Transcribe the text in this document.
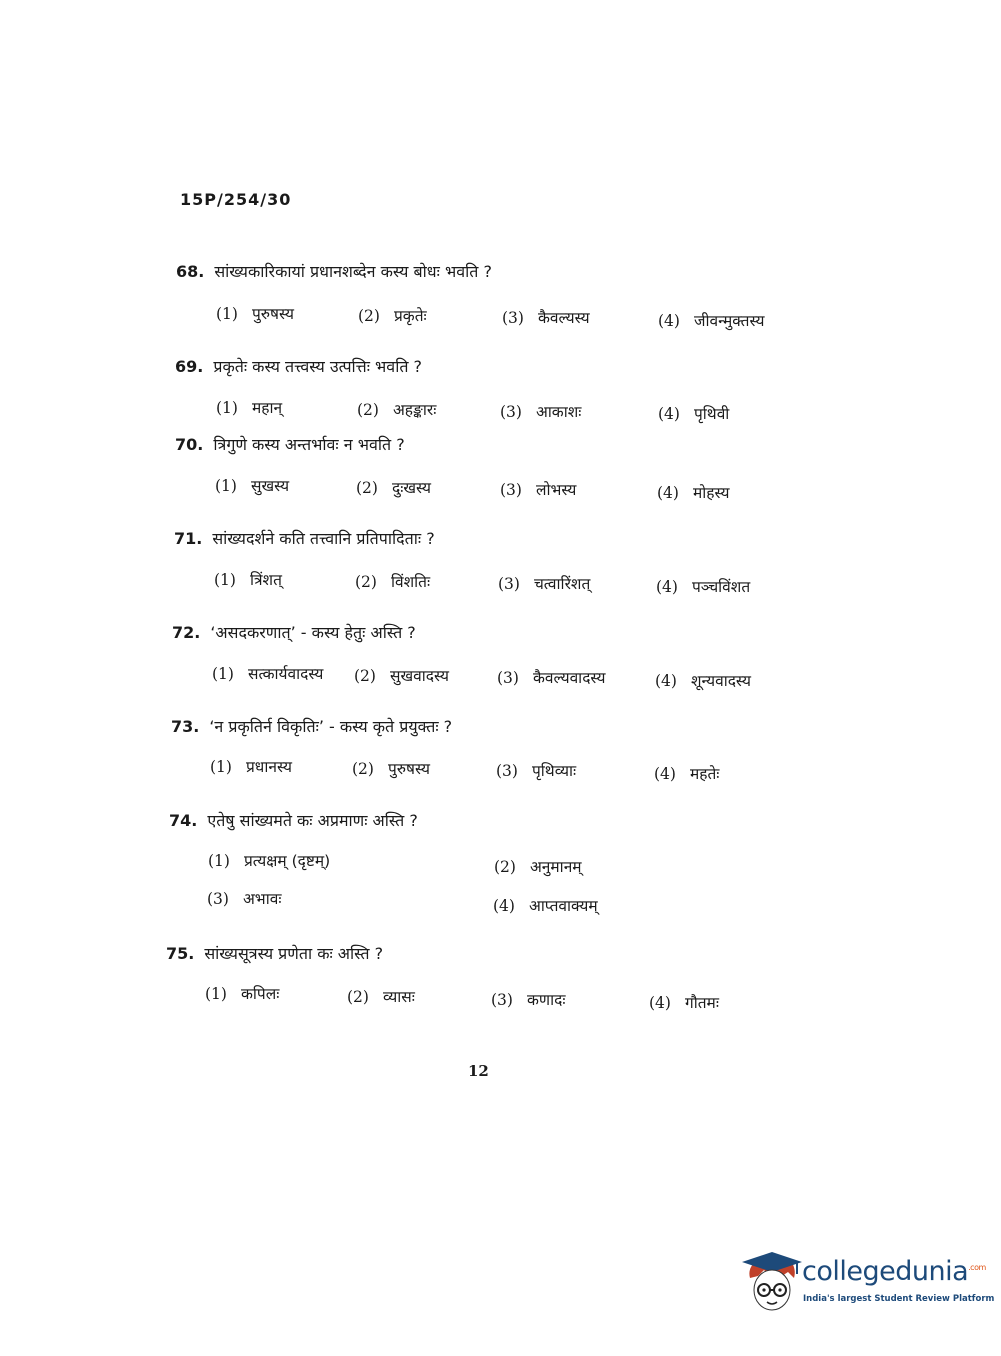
15P/254/30
68. सांख्यकारिकायां प्रधानशब्देन कस्य बोधः भवति ?
(1) पुरुषस्य	(2) प्रकृतेः	(3) कैवल्यस्य	(4) जीवन्मुक्तस्य
69. प्रकृतेः कस्य तत्त्वस्य उत्पत्तिः भवति ?
(1) महान्	(2) अहङ्कारः	(3) आकाशः	(4) पृथिवी
70. त्रिगुणे कस्य अन्तर्भावः न भवति ?
(1) सुखस्य	(2) दुःखस्य	(3) लोभस्य	(4) मोहस्य
71. सांख्यदर्शने कति तत्त्वानि प्रतिपादिताः ?
(1) त्रिंशत्	(2) विंशतिः	(3) चत्वारिंशत्	(4) पञ्चविंशत
72. ‘असदकरणात्’ - कस्य हेतुः अस्ति ?
(1) सत्कार्यवादस्य (2) सुखवादस्य	(3) कैवल्यवादस्य	(4) शून्यवादस्य
73. ‘न प्रकृतिर्न विकृतिः’ - कस्य कृते प्रयुक्तः ?
(1) प्रधानस्य	(2) पुरुषस्य	(3) पृथिव्याः	(4) महतेः
74. एतेषु सांख्यमते कः अप्रमाणः अस्ति ?
(1) प्रत्यक्षम् (दृष्टम्)	(2) अनुमानम्
(3) अभावः	(4) आप्तवाक्यम्
75. सांख्यसूत्रस्य प्रणेता कः अस्ति ?
(1) कपिलः	(2) व्यासः	(3) कणादः	(4) गौतमः
12
collegedunia$^{.com}$
India's largest Student Review Platform
